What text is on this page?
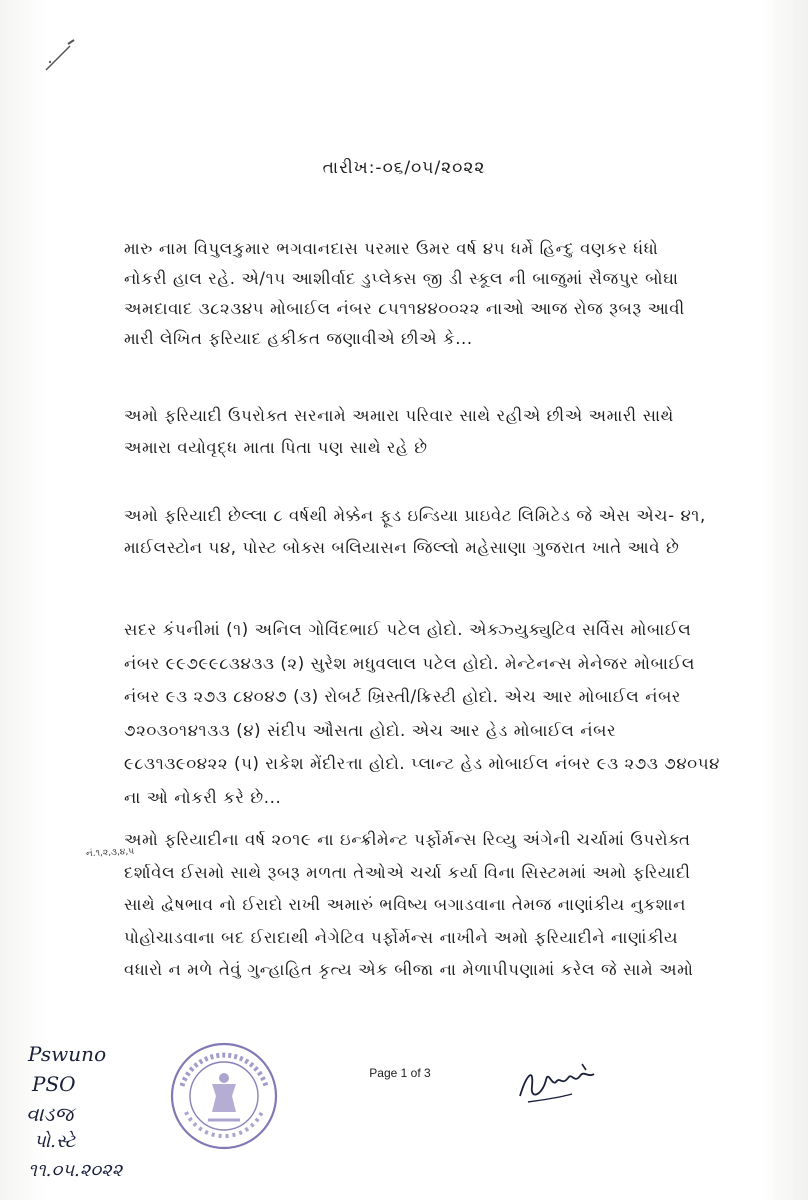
તારીખ:-૦૬/૦૫/૨૦૨૨

મારુ નામ વિપુલકુમાર ભગવાનદાસ પરમાર ઉમર વર્ષ ૪૫ ધર્મે હિન્દુ વણકર ધંધો
નોકરી હાલ રહે. એ/૧૫ આશીર્વાદ ડુપ્લેક્સ જી ડી સ્કૂલ ની બાજુમાં સૈજપુર બોઘા
અમદાવાદ ૩૮૨૩૪૫ મોબાઈલ નંબર ૮૫૧૧૪૪૦૦૨૨ નાઓ આજ રોજ રૂબરૂ આવી
મારી લેખિત ફરિયાદ હકીકત જણાવીએ છીએ કે...

અમો ફરિયાદી ઉપરોક્ત સરનામે અમારા પરિવાર સાથે રહીએ છીએ અમારી સાથે
અમારા વયોવૃદ્ધ માતા પિતા પણ સાથે રહે છે

અમો ફરિયાદી છેલ્લા ૮ વર્ષથી મેક્કેન ફૂડ ઇન્ડિયા પ્રાઇવેટ લિમિટેડ જે એસ એચ- ૪૧,
માઈલસ્ટોન ૫૪, પોસ્ટ બોક્સ બલિયાસન જિલ્લો મહેસાણા ગુજરાત ખાતે આવે છે

સદર કંપનીમાં (૧) અનિલ ગોવિંદભાઈ પટેલ હોદો. એક્ઝ્યુક્યુટિવ સર્વિસ મોબાઈલ
નંબર ૯૯૭૯૯૮૩૪૩૩ (૨) સુરેશ મધુવલાલ પટેલ હોદો. મેન્ટેનન્સ મેનેજર મોબાઈલ
નંબર ૯૩ ૨૭૩ ૮૪૦૪૭ (૩) રોબર્ટ ખ્રિસ્તી/ક્રિસ્ટી હોદો. એચ આર મોબાઈલ નંબર
૭૨૦૩૦૧૪૧૩૩ (૪) સંદીપ ઔસતા હોદો. એચ આર હેડ મોબાઈલ નંબર
૯૮૩૧૩૯૦૪૨૨ (૫) રાકેશ મેંદીરત્તા હોદો. પ્લાન્ટ હેડ મોબાઈલ નંબર ૯૩ ૨૭૩ ૭૪૦૫૪
ના ઓ નોકરી કરે છે...

નં.૧,૨,૩,૪,૫

અમો ફરિયાદીના વર્ષ ૨૦૧૯ ના ઇન્ક્રીમેન્ટ પર્ફોર્મન્સ રિવ્યુ અંગેની ચર્ચામાં ઉપરોક્ત
દર્શાવેલ ઈસમો સાથે રૂબરૂ મળતા તેઓએ ચર્ચા કર્યા વિના સિસ્ટમમાં અમો ફરિયાદી
સાથે દ્વેષભાવ નો ઈરાદો રાખી અમારું ભવિષ્ય બગાડવાના તેમજ નાણાંકીય નુકશાન
પોહોચાડવાના બદ ઈરાદાથી નેગેટિવ પર્ફોર્મન્સ નાખીને અમો ફરિયાદીને નાણાંકીય
વધારો ન મળે તેવું ગુન્હાહિત કૃત્ય એક બીજા ના મેળાપીપણામાં કરેલ જે સામે અમો

Pswuno
PSO
વાડજ
પો.સ્ટે
૧૧.૦૫.૨૦૨૨
Page 1 of 3
